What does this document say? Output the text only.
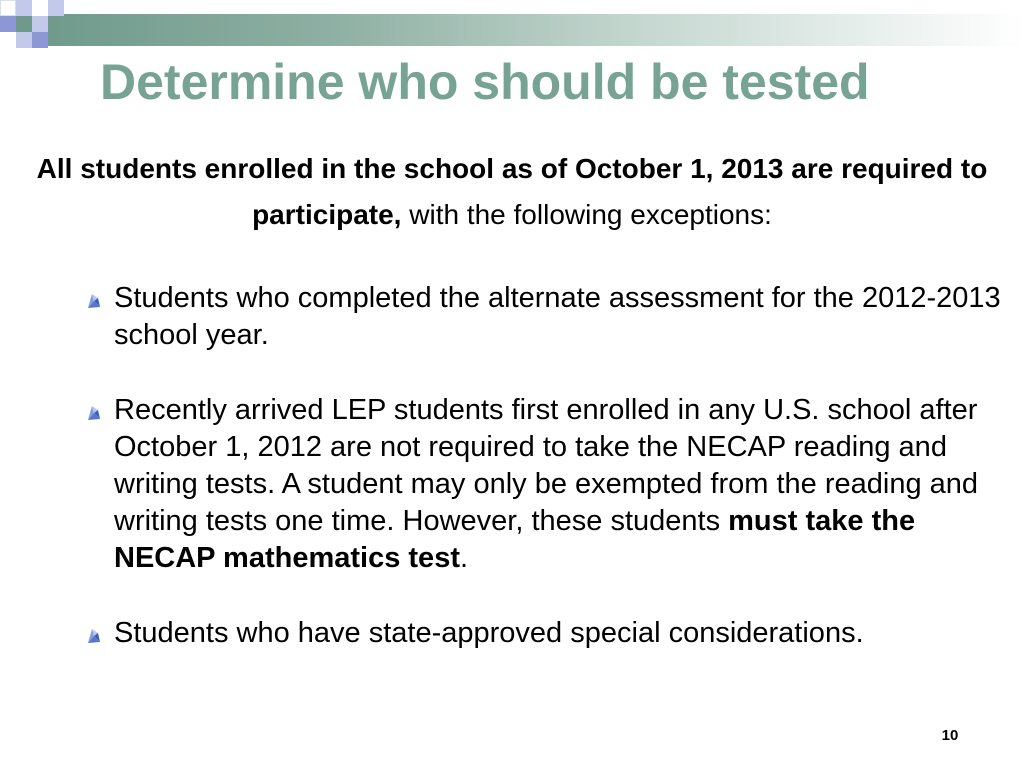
Determine who should be tested

All students enrolled in the school as of October 1, 2013 are required to participate, with the following exceptions:

Students who completed the alternate assessment for the 2012-2013 school year.
Recently arrived LEP students first enrolled in any U.S. school after October 1, 2012 are not required to take the NECAP reading and writing tests. A student may only be exempted from the reading and writing tests one time. However, these students must take the NECAP mathematics test.
Students who have state-approved special considerations.
10
